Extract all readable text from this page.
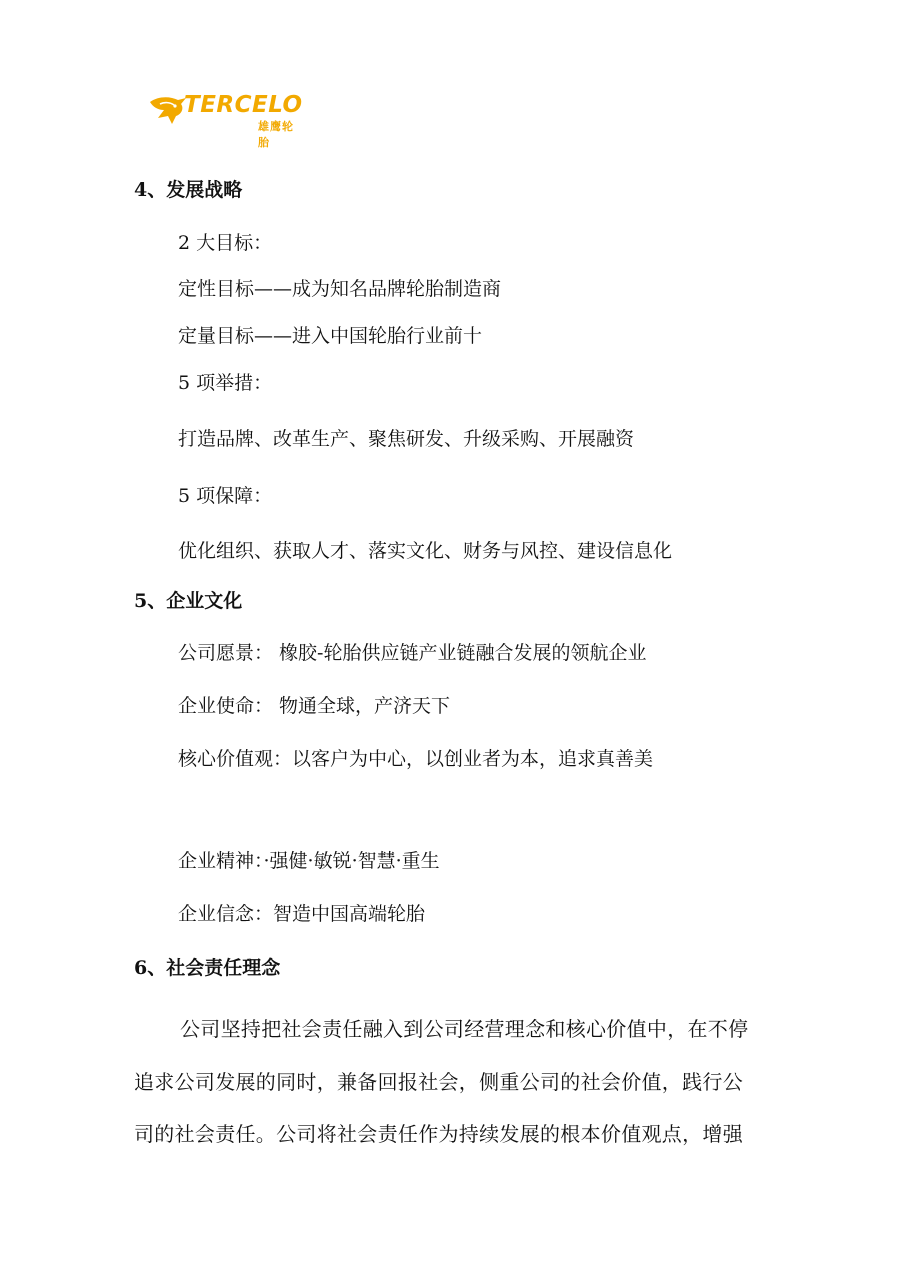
TERCELO
雄鹰轮胎
4、发展战略
2 大目标：
定性目标——成为知名品牌轮胎制造商
定量目标——进入中国轮胎行业前十
5 项举措：
打造品牌、改革生产、聚焦研发、升级采购、开展融资
5 项保障：
优化组织、获取人才、落实文化、财务与风控、建设信息化
5、企业文化
公司愿景： 橡胶-轮胎供应链产业链融合发展的领航企业
企业使命： 物通全球，产济天下
核心价值观：以客户为中心，以创业者为本，追求真善美
企业精神：·强健·敏锐·智慧·重生
企业信念：智造中国高端轮胎
6、社会责任理念
公司坚持把社会责任融入到公司经营理念和核心价值中，在不停
追求公司发展的同时，兼备回报社会，侧重公司的社会价值，践行公
司的社会责任。公司将社会责任作为持续发展的根本价值观点，增强
